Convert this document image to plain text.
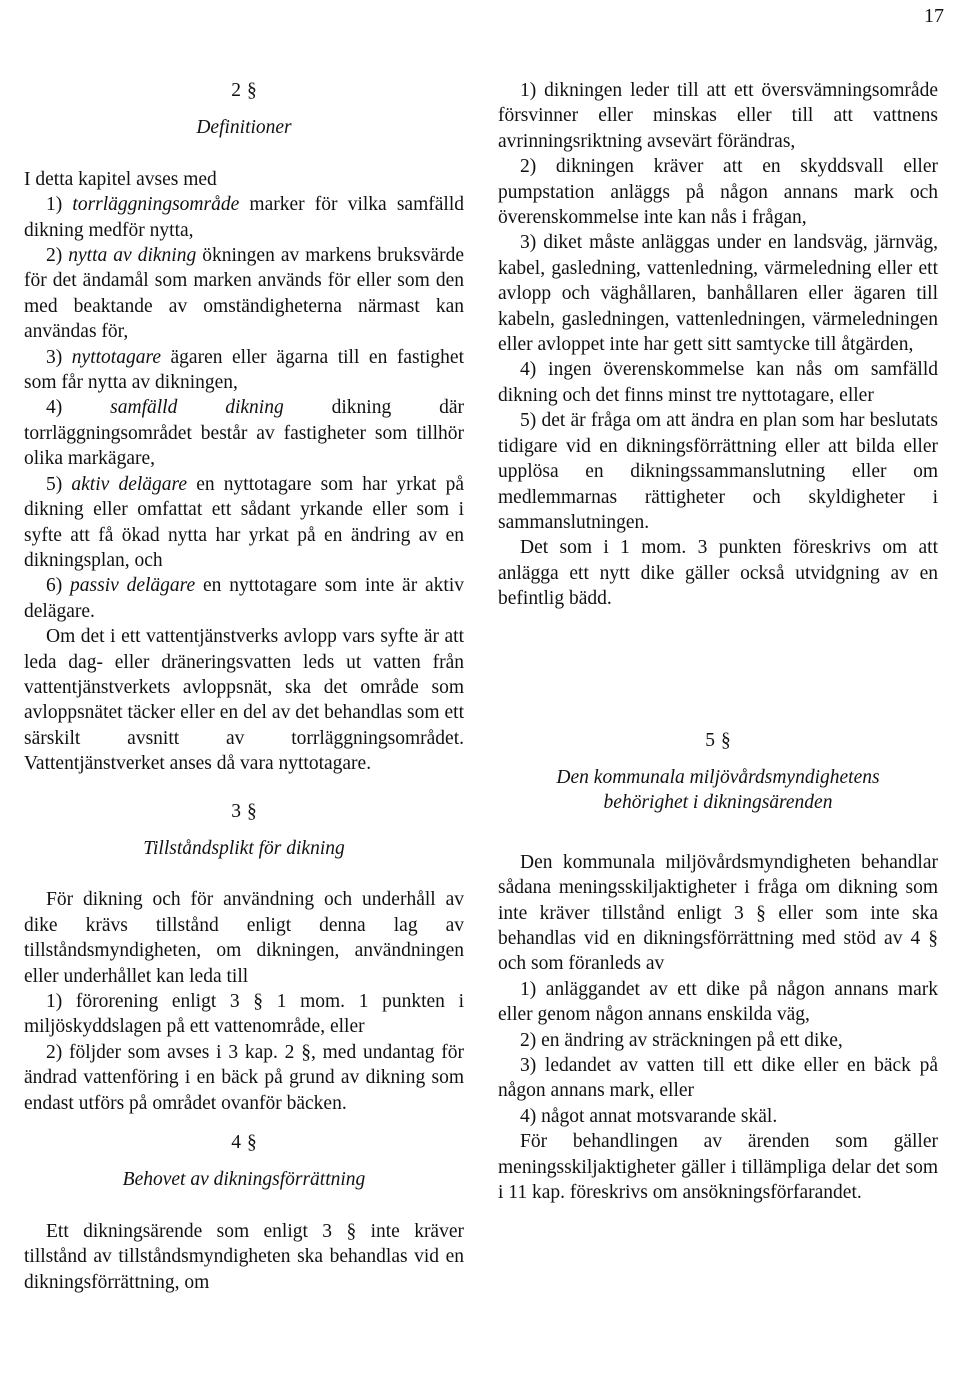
17
2 §
Definitioner

I detta kapitel avses med

1) torrläggningsområde marker för vilka samfälld dikning medför nytta,

2) nytta av dikning ökningen av markens bruksvärde för det ändamål som marken används för eller som den med beaktande av omständigheterna närmast kan användas för,

3) nyttotagare ägaren eller ägarna till en fastighet som får nytta av dikningen,

4) samfälld dikning dikning där torrläggningsområdet består av fastigheter som tillhör olika markägare,

5) aktiv delägare en nyttotagare som har yrkat på dikning eller omfattat ett sådant yrkande eller som i syfte att få ökad nytta har yrkat på en ändring av en dikningsplan, och

6) passiv delägare en nyttotagare som inte är aktiv delägare.

Om det i ett vattentjänstverks avlopp vars syfte är att leda dag- eller dräneringsvatten leds ut vatten från vattentjänstverkets avloppsnät, ska det område som avloppsnätet täcker eller en del av det behandlas som ett särskilt avsnitt av torrläggningsområdet. Vattentjänstverket anses då vara nyttotagare.

3 §
Tillståndsplikt för dikning

För dikning och för användning och underhåll av dike krävs tillstånd enligt denna lag av tillståndsmyndigheten, om dikningen, användningen eller underhållet kan leda till

1) förorening enligt 3 § 1 mom. 1 punkten i miljöskyddslagen på ett vattenområde, eller

2) följder som avses i 3 kap. 2 §, med undantag för ändrad vattenföring i en bäck på grund av dikning som endast utförs på området ovanför bäcken.

4 §
Behovet av dikningsförrättning

Ett dikningsärende som enligt 3 § inte kräver tillstånd av tillståndsmyndigheten ska behandlas vid en dikningsförrättning, om

1) dikningen leder till att ett översvämningsområde försvinner eller minskas eller till att vattnens avrinningsriktning avsevärt förändras,

2) dikningen kräver att en skyddsvall eller pumpstation anläggs på någon annans mark och överenskommelse inte kan nås i frågan,

3) diket måste anläggas under en landsväg, järnväg, kabel, gasledning, vattenledning, värmeledning eller ett avlopp och väghållaren, banhållaren eller ägaren till kabeln, gasledningen, vattenledningen, värmeledningen eller avloppet inte har gett sitt samtycke till åtgärden,

4) ingen överenskommelse kan nås om samfälld dikning och det finns minst tre nyttotagare, eller

5) det är fråga om att ändra en plan som har beslutats tidigare vid en dikningsförrättning eller att bilda eller upplösa en dikningssammanslutning eller om medlemmarnas rättigheter och skyldigheter i sammanslutningen.

Det som i 1 mom. 3 punkten föreskrivs om att anlägga ett nytt dike gäller också utvidgning av en befintlig bädd.

5 §
Den kommunala miljövårdsmyndighetens
behörighet i dikningsärenden

Den kommunala miljövårdsmyndigheten behandlar sådana meningsskiljaktigheter i fråga om dikning som inte kräver tillstånd enligt 3 § eller som inte ska behandlas vid en dikningsförrättning med stöd av 4 § och som föranleds av

1) anläggandet av ett dike på någon annans mark eller genom någon annans enskilda väg,

2) en ändring av sträckningen på ett dike,

3) ledandet av vatten till ett dike eller en bäck på någon annans mark, eller

4) något annat motsvarande skäl.

För behandlingen av ärenden som gäller meningsskiljaktigheter gäller i tillämpliga delar det som i 11 kap. föreskrivs om ansökningsförfarandet.
